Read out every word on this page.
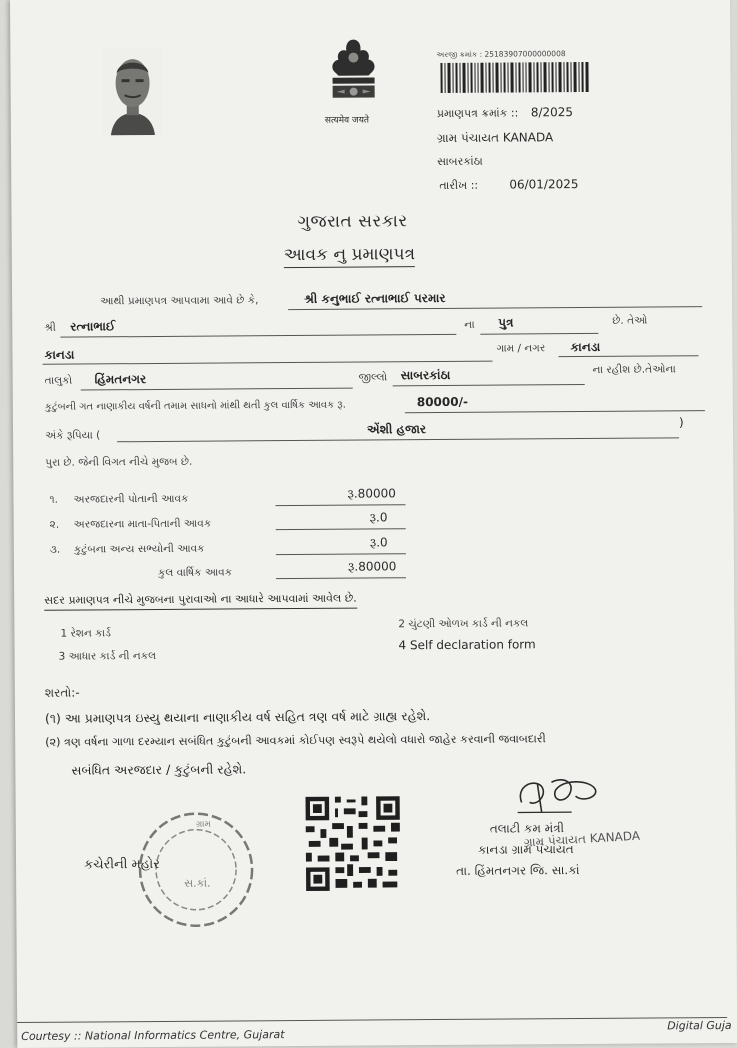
सत्यमेव जयते
અરજી ક્રમાંક : 25183907000000008
પ્રમાણપત્ર ક્રમાંક :: 8/2025
ગ્રામ પંચાયત KANADA
સાબરકાંઠા
તારીખ ::	06/01/2025
ગુજરાત સરકાર
આવક નુ પ્રમાણપત્ર
આથી પ્રમાણપત્ર આપવામા આવે છે કે,	શ્રી કનુભાઈ રત્નાભાઈ પરમાર
શ્રી રત્નાભાઈ	ના પુત્ર	છે. તેઓ
કાનડા	ગામ / નગર કાનડા
તાલુકો હિંમતનગર	જીલ્લો સાબરકાંઠા	ના રહીશ છે.તેઓના
કુટુંબની ગત નાણાકીય વર્ષની તમામ સાધનો માંથી થતી કુલ વાર્ષિક આવક રૂ.	80000/-
અંકે રૂપિયા (	એંશી હજાર	)
પુરા છે. જેની વિગત નીચે મુજબ છે.
૧. અરજદારની પોતાની આવક	રૂ.80000
૨. અરજદારના માતા-પિતાની આવક	રૂ.0
૩. કુટુંબના અન્ય સભ્યોની આવક	રૂ.0
કુલ વાર્ષિક આવક	રૂ.80000
સદર પ્રમાણપત્ર નીચે મુજબના પુરાવાઓ ના આધારે આપવામાં આવેલ છે.
1 રેશન કાર્ડ
2 ચુંટણી ઓળખ કાર્ડ ની નકલ
3 આધાર કાર્ડ ની નકલ
4 Self declaration form
શરતો:-
(૧) આ પ્રમાણપત્ર ઇસ્યુ થયાના નાણાકીય વર્ષ સહિત ત્રણ વર્ષ માટે ગ્રાહ્ય રહેશે.
(૨) ત્રણ વર્ષના ગાળા દરમ્યાન સબંધિત કુટુંબની આવકમાં કોઈપણ સ્વરૂપે થયેલો વધારો જાહેર કરવાની જવાબદારી
સબંધિત અરજદાર / કુટુંબની રહેશે.
સ.કાં.
ગ્રામ
કચેરીની મહોર
તલાટી કમ મંત્રી
કાનડા ગ્રામ પંચાયત
તા. હિંમતનગર જિ. સા.કાં
ગ્રામ પંચાયત KANADA
Courtesy :: National Informatics Centre, Gujarat
Digital Guja
